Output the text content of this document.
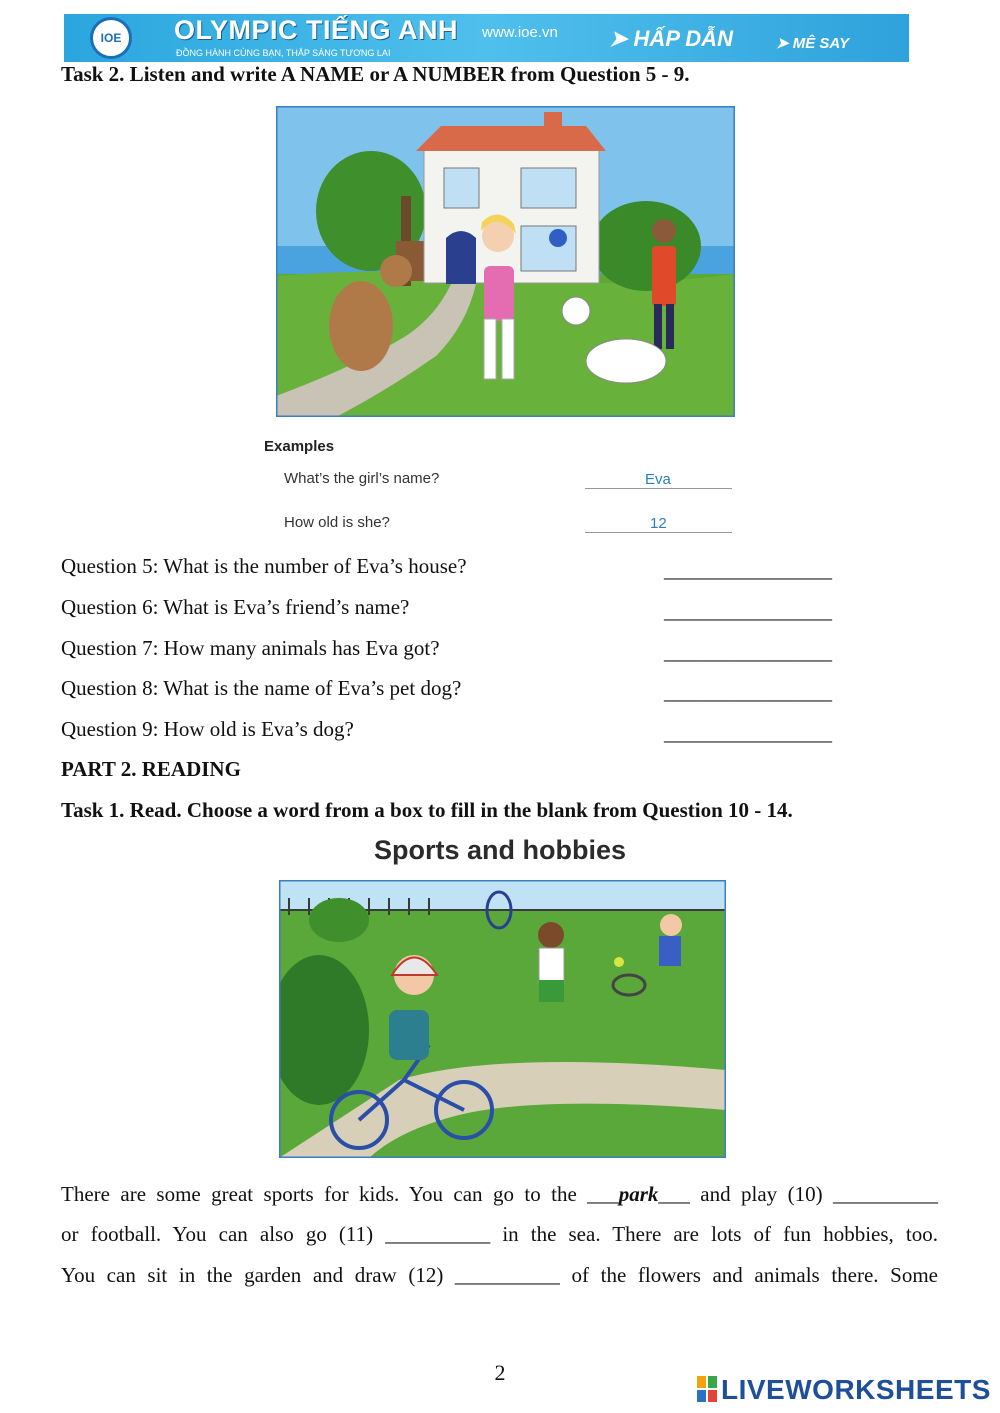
IOE	OLYMPIC TIẾNG ANH www.ioe.vn
ĐỒNG HÀNH CÙNG BẠN, THẮP SÁNG TƯƠNG LAI
➤ HẤP DẪN	➤ MÊ SAY
Task 2. Listen and write A NAME or A NUMBER from Question 5 - 9.
Examples
What’s the girl’s name?	Eva
How old is she?	12
Question 5: What is the number of Eva’s house?	________________
Question 6: What is Eva’s friend’s name?	________________
Question 7: How many animals has Eva got?	________________
Question 8: What is the name of Eva’s pet dog?	________________
Question 9: How old is Eva’s dog?	________________
PART 2. READING
Task 1. Read. Choose a word from a box to fill in the blank from Question 10 - 14.
Sports and hobbies
There are some great sports for kids. You can go to the ___park___ and play (10) __________
or football. You can also go (11) __________ in the sea. There are lots of fun hobbies, too.
You can sit in the garden and draw (12) __________ of the flowers and animals there. Some
2
LIVEWORKSHEETS
